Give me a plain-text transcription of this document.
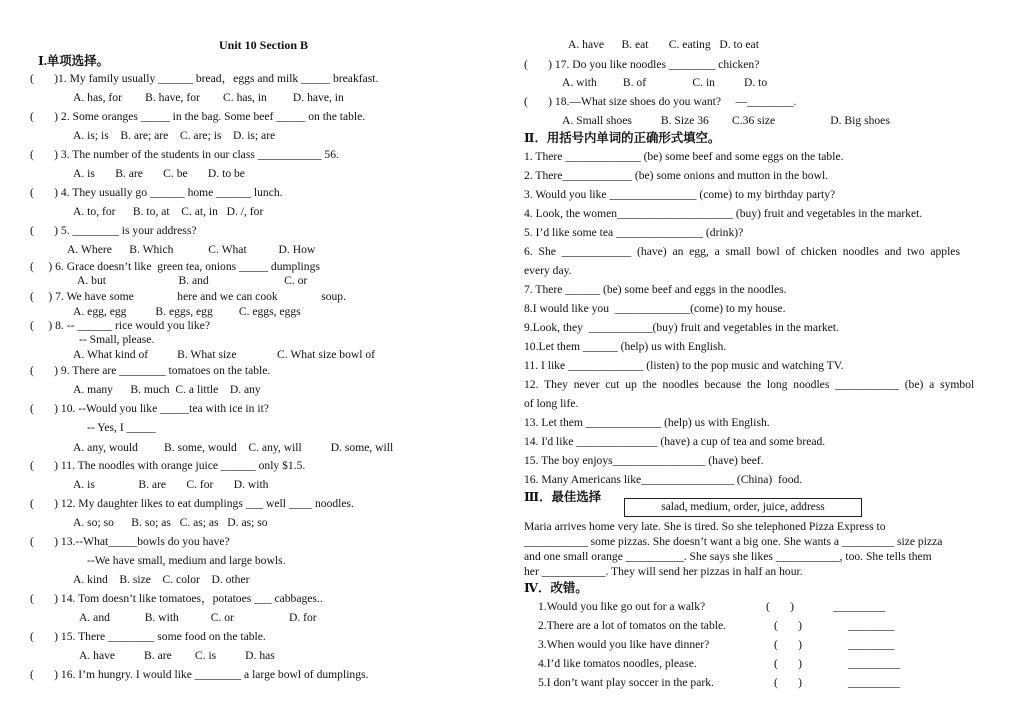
Unit 10 Section B
Ⅰ.单项选择。
(       )1. My family usually ______ bread，eggs and milk _____ breakfast.
A. has, for        B. have, for        C. has, in         D. have, in
(       ) 2. Some oranges _____ in the bag. Some beef _____ on the table.
A. is; is    B. are; are    C. are; is    D. is; are
(       ) 3. The number of the students in our class ___________ 56.
A. is       B. are       C. be       D. to be
(       ) 4. They usually go ______ home ______ lunch.
A. to, for      B. to, at    C. at, in   D. /, for
(       ) 5. ________ is your address?
A. Where      B. Which            C. What           D. How
(     ) 6. Grace doesn’t like  green tea, onions _____ dumplings
A. but                         B. and                          C. or
(     ) 7. We have some               here and we can cook               soup.
A. egg, egg          B. eggs, egg         C. eggs, eggs
(     ) 8. -- ______ rice would you like?
-- Small, please.
A. What kind of          B. What size              C. What size bowl of
(       ) 9. There are ________ tomatoes on the table.
A. many      B. much  C. a little    D. any
(       ) 10. --Would you like _____tea with ice in it?
-- Yes, I _____
A. any, would         B. some, would    C. any, will          D. some, will
(       ) 11. The noodles with orange juice ______ only $1.5.
A. is               B. are       C. for       D. with
(       ) 12. My daughter likes to eat dumplings ___ well ____ noodles.
A. so; so      B. so; as   C. as; as   D. as; so
(       ) 13.--What_____bowls do you have?
--We have small, medium and large bowls.
A. kind    B. size    C. color    D. other
(       ) 14. Tom doesn’t like tomatoes，potatoes ___ cabbages..
A. and            B. with           C. or                   D. for
(       ) 15. There ________ some food on the table.
A. have          B. are        C. is          D. has
(       ) 16. I’m hungry. I would like ________ a large bowl of dumplings.
A. have      B. eat       C. eating   D. to eat
(       ) 17. Do you like noodles ________ chicken?
A. with         B. of                C. in          D. to
(       ) 18.—What size shoes do you want?     —________.
A. Small shoes          B. Size 36        C.36 size                   D. Big shoes
Ⅱ．用括号内单词的正确形式填空。
1. There _____________ (be) some beef and some eggs on the table.
2. There____________ (be) some onions and mutton in the bowl.
3. Would you like _______________ (come) to my birthday party?
4. Look, the women____________________ (buy) fruit and vegetables in the market.
5. I’d like some tea _______________ (drink)?
6.  She  ____________  (have)  an  egg,  a  small  bowl  of  chicken  noodles  and  two  apples
every day.
7. There ______ (be) some beef and eggs in the noodles.
8.I would like you  _____________(come) to my house.
9.Look, they  ___________(buy) fruit and vegetables in the market.
10.Let them ______ (help) us with English.
11. I like _____________ (listen) to the pop music and watching TV.
12.  They  never  cut  up  the  noodles  because  the  long  noodles  ___________  (be)  a  symbol
of long life.
13. Let them _____________ (help) us with English.
14. I'd like ______________ (have) a cup of tea and some bread.
15. The boy enjoys________________ (have) beef.
16. Many Americans like________________ (China)  food.
Ⅲ．最佳选择
salad, medium, order, juice, address
Maria arrives home very late. She is tired. So she telephoned Pizza Express to
___________ some pizzas. She doesn’t want a big one. She wants a _________ size pizza
and one small orange __________. She says she likes ___________, too. She tells them
her ___________. They will send her pizzas in half an hour.
Ⅳ．改错。
1.Would you like go out for a walk?	(       )	_________
2.There are a lot of tomatos on the table.	(       )	________
3.When would you like have dinner?	(       )	________
4.I’d like tomatos noodles, please.	(       )	_________
5.I don’t want play soccer in the park.	(       )	_________
